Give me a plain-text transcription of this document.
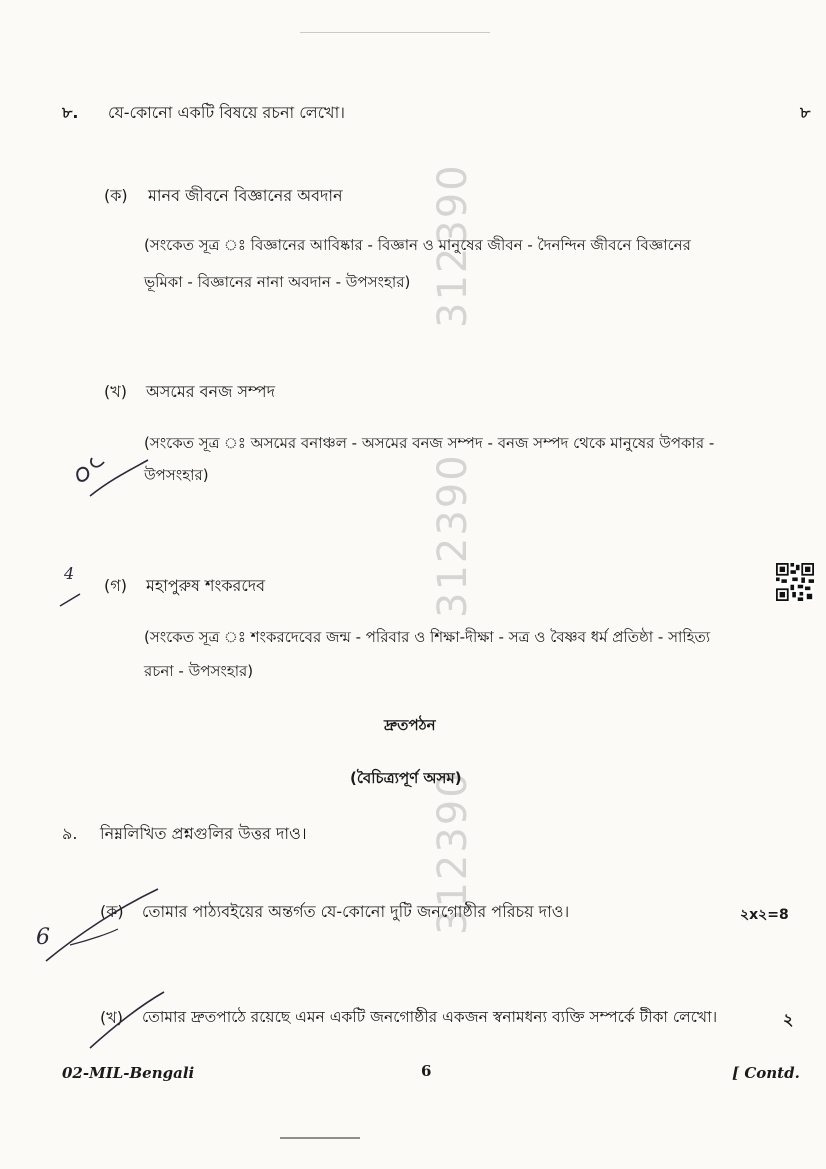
312390
312390
312390
৮. যে-কোনো একটি বিষয়ে রচনা লেখো।	৮
(ক) মানব জীবনে বিজ্ঞানের অবদান
(সংকেত সূত্র ঃ বিজ্ঞানের আবিষ্কার - বিজ্ঞান ও মানুষের জীবন - দৈনন্দিন জীবনে বিজ্ঞানের
ভূমিকা - বিজ্ঞানের নানা অবদান - উপসংহার)
(খ) অসমের বনজ সম্পদ
(সংকেত সূত্র ঃ অসমের বনাঞ্চল - অসমের বনজ সম্পদ - বনজ সম্পদ থেকে মানুষের উপকার -
উপসংহার)
(গ) মহাপুরুষ শংকরদেব
(সংকেত সূত্র ঃ শংকরদেবের জন্ম - পরিবার ও শিক্ষা-দীক্ষা - সত্র ও বৈষ্ণব ধর্ম প্রতিষ্ঠা - সাহিত্য
রচনা - উপসংহার)
দ্রুতপঠন
(বৈচিত্র্যপূর্ণ অসম)
৯. নিম্নলিখিত প্রশ্নগুলির উত্তর দাও।
(ক) তোমার পাঠ্যবইয়ের অন্তর্গত যে-কোনো দুটি জনগোষ্ঠীর পরিচয় দাও।	২x২=8
(খ) তোমার দ্রুতপাঠে রয়েছে এমন একটি জনগোষ্ঠীর একজন স্বনামধন্য ব্যক্তি সম্পর্কে টীকা লেখো।	২
4
6
02-MIL-Bengali	6	[ Contd.
